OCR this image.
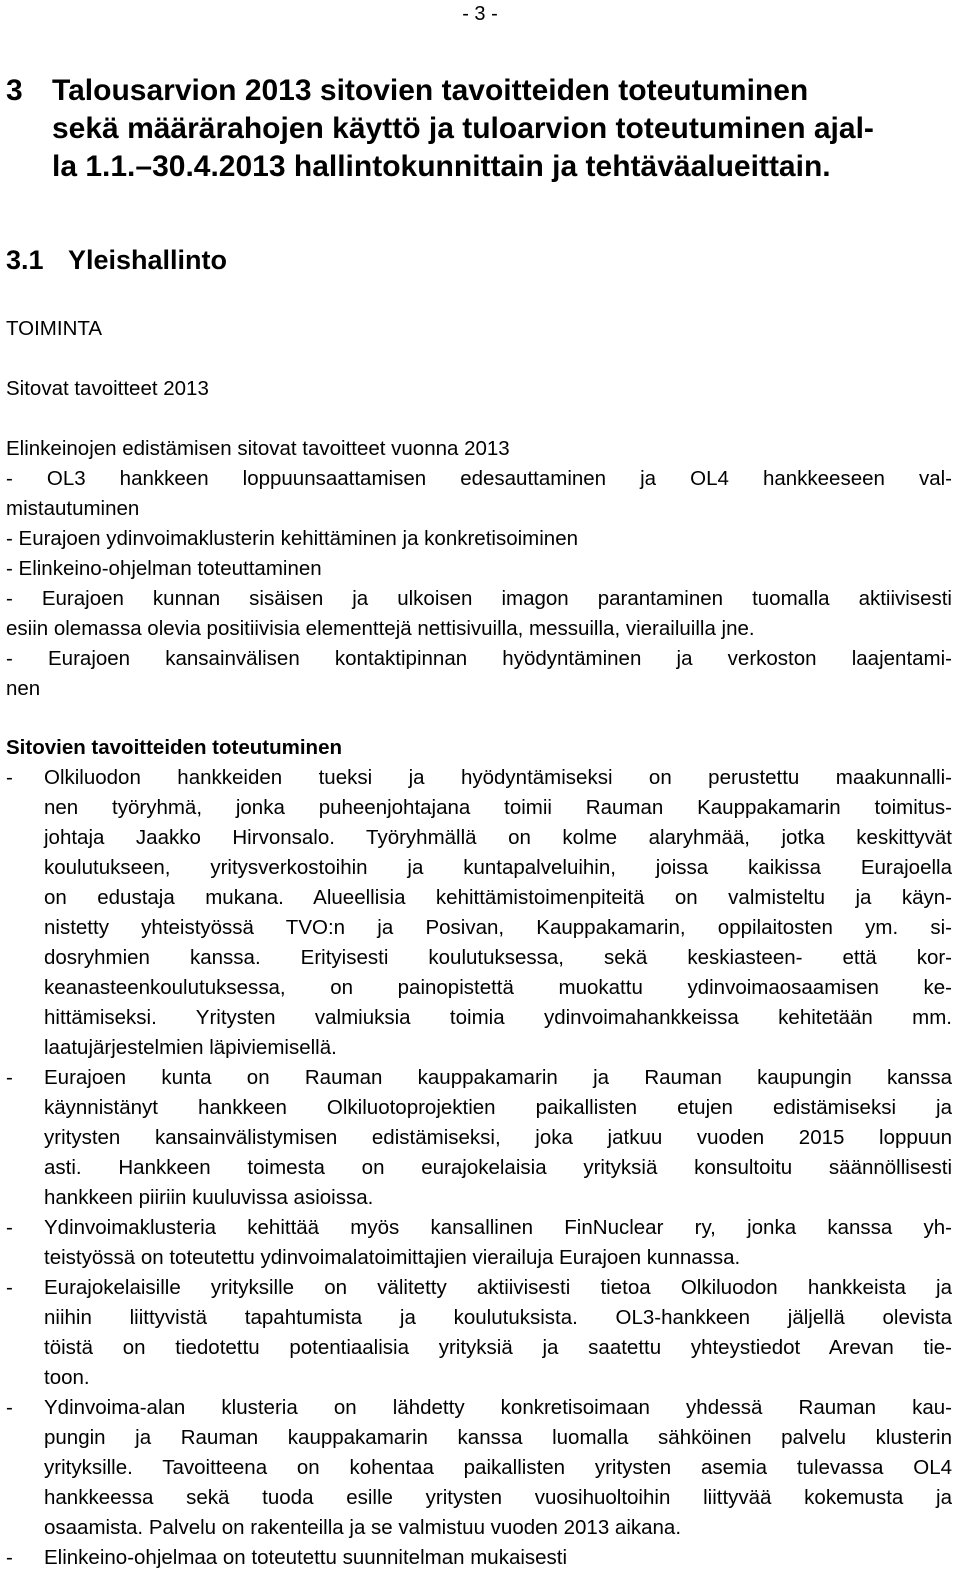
- 3 -
3 Talousarvion 2013 sitovien tavoitteiden toteutuminen
sekä määrärahojen käyttö ja tuloarvion toteutuminen ajal-
la 1.1.–30.4.2013 hallintokunnittain ja tehtäväalueittain.
3.1 Yleishallinto
TOIMINTA
Sitovat tavoitteet 2013
Elinkeinojen edistämisen sitovat tavoitteet vuonna 2013
- OL3 hankkeen loppuunsaattamisen edesauttaminen ja OL4 hankkeeseen val-
mistautuminen
- Eurajoen ydinvoimaklusterin kehittäminen ja konkretisoiminen
- Elinkeino-ohjelman toteuttaminen
- Eurajoen kunnan sisäisen ja ulkoisen imagon parantaminen tuomalla aktiivisesti
esiin olemassa olevia positiivisia elementtejä nettisivuilla, messuilla, vierailuilla jne.
- Eurajoen kansainvälisen kontaktipinnan hyödyntäminen ja verkoston laajentami-
nen
Sitovien tavoitteiden toteutuminen
- Olkiluodon hankkeiden tueksi ja hyödyntämiseksi on perustettu maakunnalli-
nen työryhmä, jonka puheenjohtajana toimii Rauman Kauppakamarin toimitus-
johtaja Jaakko Hirvonsalo. Työryhmällä on kolme alaryhmää, jotka keskittyvät
koulutukseen, yritysverkostoihin ja kuntapalveluihin, joissa kaikissa Eurajoella
on edustaja mukana. Alueellisia kehittämistoimenpiteitä on valmisteltu ja käyn-
nistetty yhteistyössä TVO:n ja Posivan, Kauppakamarin, oppilaitosten ym. si-
dosryhmien kanssa. Erityisesti koulutuksessa, sekä keskiasteen- että kor-
keanasteenkoulutuksessa, on painopistettä muokattu ydinvoimaosaamisen ke-
hittämiseksi. Yritysten valmiuksia toimia ydinvoimahankkeissa kehitetään mm.
laatujärjestelmien läpiviemisellä.
- Eurajoen kunta on Rauman kauppakamarin ja Rauman kaupungin kanssa
käynnistänyt hankkeen Olkiluotoprojektien paikallisten etujen edistämiseksi ja
yritysten kansainvälistymisen edistämiseksi, joka jatkuu vuoden 2015 loppuun
asti. Hankkeen toimesta on eurajokelaisia yrityksiä konsultoitu säännöllisesti
hankkeen piiriin kuuluvissa asioissa.
- Ydinvoimaklusteria kehittää myös kansallinen FinNuclear ry, jonka kanssa yh-
teistyössä on toteutettu ydinvoimalatoimittajien vierailuja Eurajoen kunnassa.
- Eurajokelaisille yrityksille on välitetty aktiivisesti tietoa Olkiluodon hankkeista ja
niihin liittyvistä tapahtumista ja koulutuksista. OL3-hankkeen jäljellä olevista
töistä on tiedotettu potentiaalisia yrityksiä ja saatettu yhteystiedot Arevan tie-
toon.
- Ydinvoima-alan klusteria on lähdetty konkretisoimaan yhdessä Rauman kau-
pungin ja Rauman kauppakamarin kanssa luomalla sähköinen palvelu klusterin
yrityksille. Tavoitteena on kohentaa paikallisten yritysten asemia tulevassa OL4
hankkeessa sekä tuoda esille yritysten vuosihuoltoihin liittyvää kokemusta ja
osaamista. Palvelu on rakenteilla ja se valmistuu vuoden 2013 aikana.
- Elinkeino-ohjelmaa on toteutettu suunnitelman mukaisesti
